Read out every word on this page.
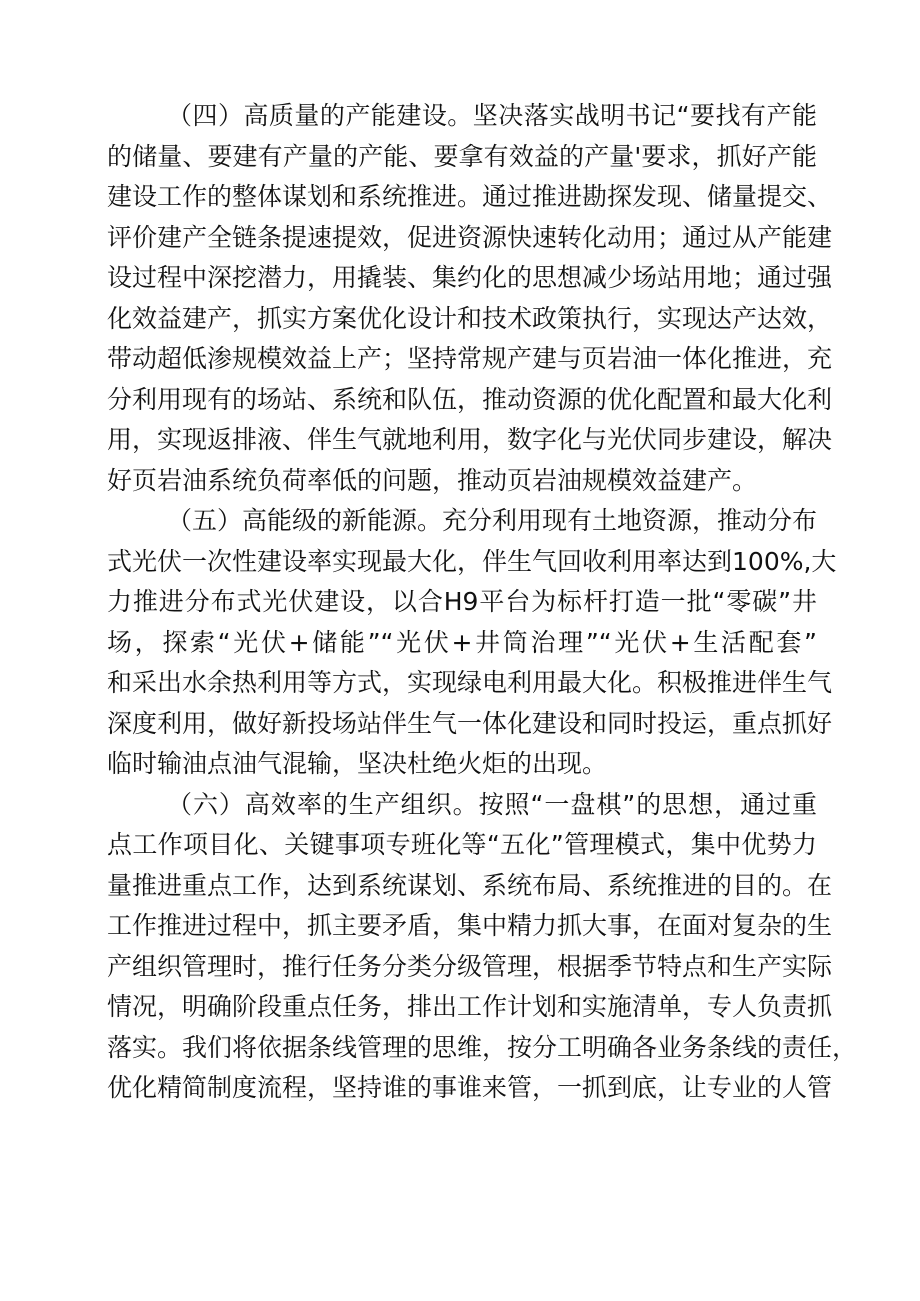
（四）高质量的产能建设。坚决落实战明书记“要找有产能
的储量、要建有产量的产能、要拿有效益的产量'要求，抓好产能
建设工作的整体谋划和系统推进。通过推进勘探发现、储量提交、
评价建产全链条提速提效，促进资源快速转化动用；通过从产能建
设过程中深挖潜力，用撬装、集约化的思想减少场站用地；通过强
化效益建产，抓实方案优化设计和技术政策执行，实现达产达效，
带动超低渗规模效益上产；坚持常规产建与页岩油一体化推进，充
分利用现有的场站、系统和队伍，推动资源的优化配置和最大化利
用，实现返排液、伴生气就地利用，数字化与光伏同步建设，解决
好页岩油系统负荷率低的问题，推动页岩油规模效益建产。
（五）高能级的新能源。充分利用现有土地资源，推动分布
式光伏一次性建设率实现最大化，伴生气回收利用率达到100%,大
力推进分布式光伏建设，以合H9平台为标杆打造一批“零碳”井
场，探索“光伏+储能”“光伏+井筒治理”“光伏+生活配套”
和采出水余热利用等方式，实现绿电利用最大化。积极推进伴生气
深度利用，做好新投场站伴生气一体化建设和同时投运，重点抓好
临时输油点油气混输，坚决杜绝火炬的出现。
（六）高效率的生产组织。按照“一盘棋”的思想，通过重
点工作项目化、关键事项专班化等“五化”管理模式，集中优势力
量推进重点工作，达到系统谋划、系统布局、系统推进的目的。在
工作推进过程中，抓主要矛盾，集中精力抓大事，在面对复杂的生
产组织管理时，推行任务分类分级管理，根据季节特点和生产实际
情况，明确阶段重点任务，排出工作计划和实施清单，专人负责抓
落实。我们将依据条线管理的思维，按分工明确各业务条线的责任，
优化精简制度流程，坚持谁的事谁来管，一抓到底，让专业的人管
